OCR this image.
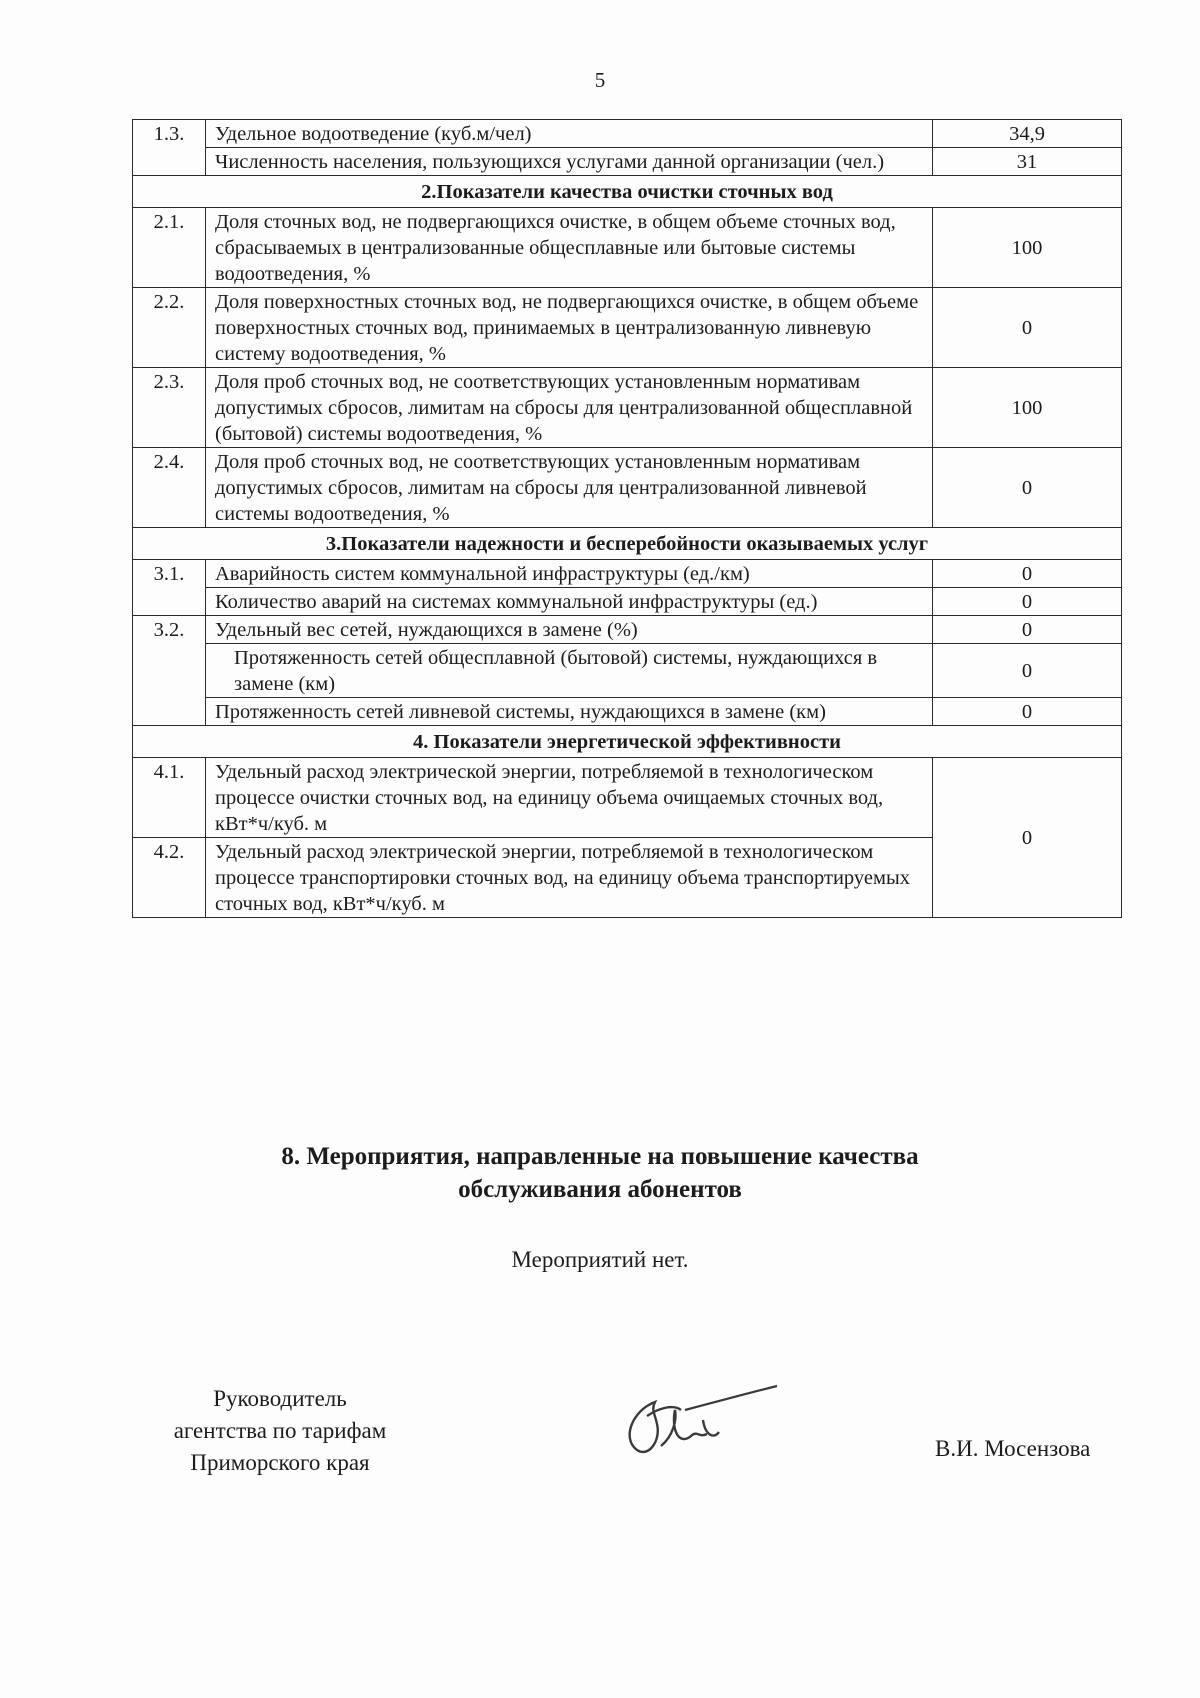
5
1.3.	Удельное водоотведение (куб.м/чел)	34,9
	Численность населения, пользующихся услугами данной организации (чел.)	31
2.Показатели качества очистки сточных вод		
2.1.	Доля сточных вод, не подвергающихся очистке, в общем объеме сточных вод, сбрасываемых в централизованные общесплавные или бытовые системы водоотведения, %	100
2.2.	Доля поверхностных сточных вод, не подвергающихся очистке, в общем объеме поверхностных сточных вод, принимаемых в централизованную ливневую систему водоотведения, %	0
2.3.	Доля проб сточных вод, не соответствующих установленным нормативам допустимых сбросов, лимитам на сбросы для централизованной общесплавной (бытовой) системы водоотведения, %	100
2.4.	Доля проб сточных вод, не соответствующих установленным нормативам допустимых сбросов, лимитам на сбросы для централизованной ливневой системы водоотведения, %	0
3.Показатели надежности и бесперебойности оказываемых услуг		
3.1.	Аварийность систем коммунальной инфраструктуры (ед./км)	0
	Количество аварий на системах коммунальной инфраструктуры (ед.)	0
3.2.	Удельный вес сетей, нуждающихся в замене (%)	0
	Протяженность сетей общесплавной (бытовой) системы, нуждающихся в замене (км)	0
	Протяженность сетей ливневой системы, нуждающихся в замене (км)	0
4. Показатели энергетической эффективности		
4.1.	Удельный расход электрической энергии, потребляемой в технологическом процессе очистки сточных вод, на единицу объема очищаемых сточных вод, кВт*ч/куб. м	0
4.2.	Удельный расход электрической энергии, потребляемой в технологическом процессе транспортировки сточных вод, на единицу объема транспортируемых сточных вод, кВт*ч/куб. м	
8. Мероприятия, направленные на повышение качества
обслуживания абонентов
Мероприятий нет.
Руководитель
агентства по тарифам
Приморского края
В.И. Мосензова
